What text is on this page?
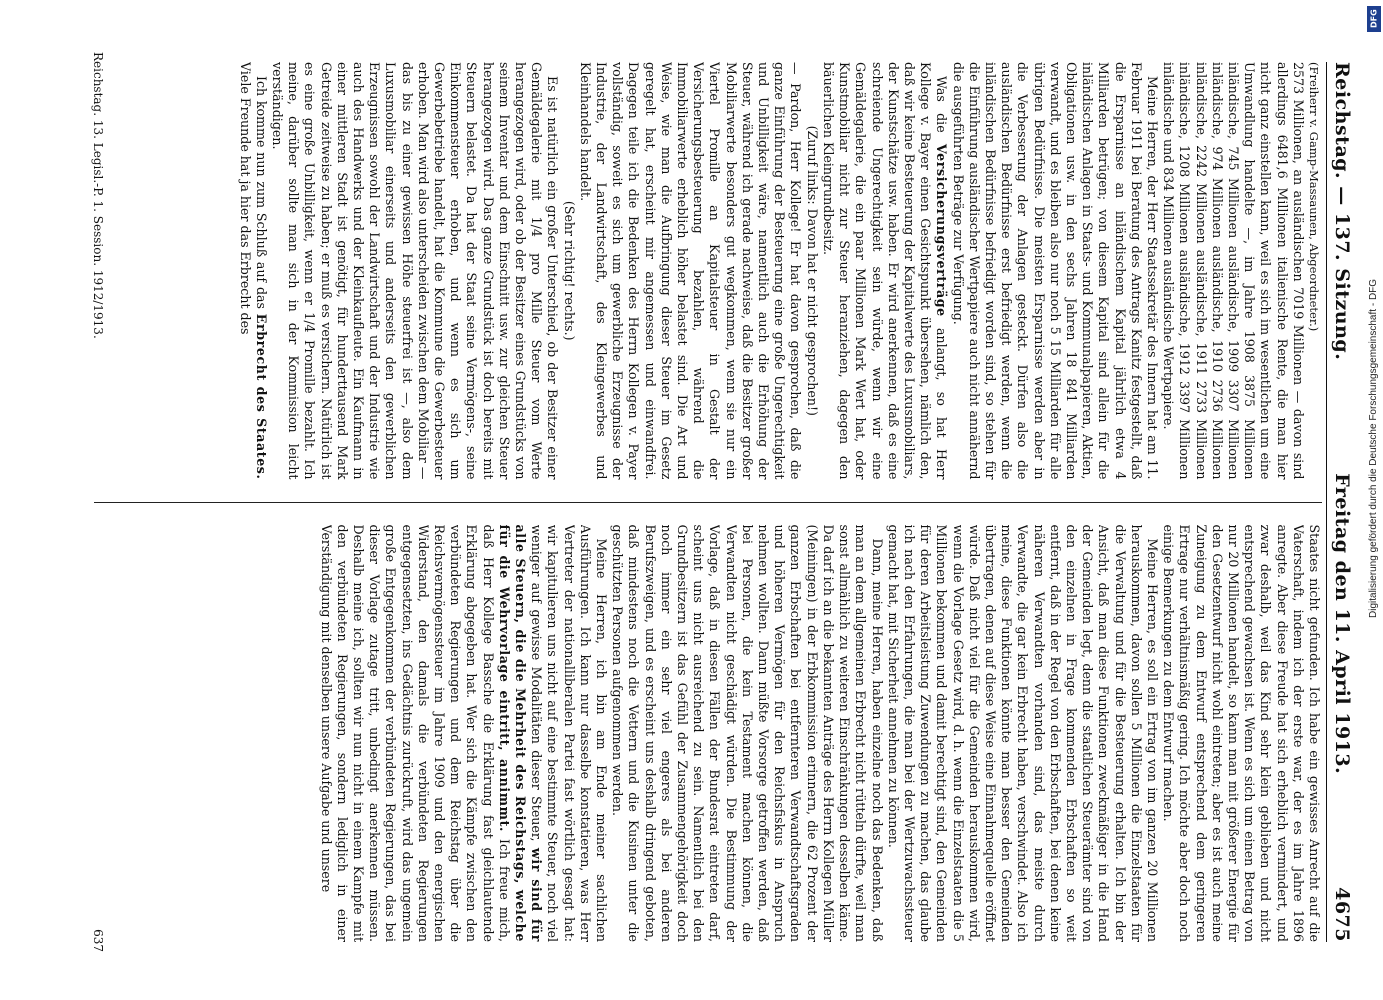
DFG
Digitalisierung gefördert durch die Deutsche Forschungsgemeinschaft - DFG
Reichstag. — 137. Sitzung.
Freitag den 11. April 1913.
4675

(Freiherr v. Gamp-Massaunen, Abgeordneter.)

2573 Millionen, an ausländischen 7019 Millionen — davon sind allerdings 6481,6 Millionen italienische Rente, die man hier nicht ganz einstellen kann, weil es sich im wesentlichen um eine Umwandlung handelte —, im Jahre 1908 3875 Millionen inländische, 745 Millionen ausländische, 1909 3307 Millionen inländische, 974 Millionen ausländische, 1910 2736 Millionen inländische, 2242 Millionen ausländische, 1911 2733 Millionen inländische, 1208 Millionen ausländische, 1912 3397 Millionen inländische und 834 Millionen ausländische Wertpapiere.

Meine Herren, der Herr Staatssekretär des Innern hat am 11. Februar 1911 bei Beratung des Antrags Kanitz festgestellt, daß die Ersparnisse an inländischem Kapital jährlich etwa 4 Milliarden betrügen; von diesem Kapital sind allein für die inländischen Anlagen in Staats- und Kommunalpapieren, Aktien, Obligationen usw. in den sechs Jahren 18 841 Milliarden verwandt, und es bleiben also nur noch 5 15 Milliarden für alle übrigen Bedürfnisse. Die meisten Ersparnisse werden aber in die Verbesserung der Anlagen gesteckt. Dürfen also die ausländischen Bedürfnisse erst befriedigt werden, wenn die inländischen Bedürfnisse befriedigt worden sind, so stehen für die Einführung ausländischer Wertpapiere auch nicht annähernd die ausgeführten Beträge zur Verfügung.

Was die Versicherungsverträge anlangt, so hat Herr Kollege v. Bayer einen Gesichtspunkt übersehen, nämlich den, daß wir keine Besteuerung der Kapitalwerte des Luxusmobiliars, der Kunstschätze usw. haben. Er wird anerkennen, daß es eine schreiende Ungerechtigkeit sein würde, wenn wir eine Gemäldegalerie, die ein paar Millionen Mark Wert hat, oder Kunstmobiliar nicht zur Steuer heranziehen, dagegen den bäuerlichen Kleingrundbesitz.

(Zuruf links: Davon hat er nicht gesprochen!)

— Pardon, Herr Kollege! Er hat davon gesprochen, daß die ganze Einführung der Besteuerung eine große Ungerechtigkeit und Unbilligkeit wäre, namentlich auch die Erhöhung der Steuer, während ich gerade nachweise, daß die Besitzer großer Mobiliarwerte besonders gut wegkommen, wenn sie nur ein Viertel Promille an Kapitalsteuer in Gestalt der Versicherungsbesteuerung bezahlen, während die Immobiliarwerte erheblich höher belastet sind. Die Art und Weise, wie man die Aufbringung dieser Steuer im Gesetz geregelt hat, erscheint mir angemessen und einwandfrei. Dagegen teile ich die Bedenken des Herrn Kollegen v. Payer vollständig, soweit es sich um gewerbliche Erzeugnisse der Industrie, der Landwirtschaft, des Kleingewerbes und Kleinhandels handelt.

(Sehr richtig! rechts.)

Es ist natürlich ein großer Unterschied, ob der Besitzer einer Gemäldegalerie mit 1/4 pro Mille Steuer vom Werte herangezogen wird, oder ob der Besitzer eines Grundstücks von seinem Inventar und dem Einschnitt usw. zur gleichen Steuer herangezogen wird. Das ganze Grundstück ist doch bereits mit Steuern belastet. Da hat der Staat seine Vermögens-, seine Einkommensteuer erhoben, und wenn es sich um Gewerbebetriebe handelt, hat die Kommune die Gewerbesteuer erhoben. Man wird also unterscheiden zwischen dem Mobiliar — das bis zu einer gewissen Höhe steuerfrei ist —, also dem Luxusmobiliar einerseits und anderseits den gewerblichen Erzeugnissen sowohl der Landwirtschaft und der Industrie wie auch des Handwerks und der Kleinkaufleute. Ein Kaufmann in einer mittleren Stadt ist genötigt, für hunderttausend Mark Getreide zeitweise zu haben; er muß es versichern. Natürlich ist es eine große Unbilligkeit, wenn er 1/4 Promille bezahlt. Ich meine, darüber sollte man sich in der Kommission leicht verständigen.

Ich komme nun zum Schluß auf das Erbrecht des Staates. Viele Freunde hat ja hier das Erbrecht des

Staates nicht gefunden. Ich habe ein gewisses Anrecht auf die Vaterschaft, indem ich der erste war, der es im Jahre 1896 anregte. Aber diese Freude hat sich erheblich vermindert, und zwar deshalb, weil das Kind sehr klein geblieben und nicht entsprechend gewachsen ist. Wenn es sich um einen Betrag von nur 20 Millionen handelt, so kann man mit größerer Energie für den Gesetzentwurf nicht wohl eintreten; aber es ist auch meine Zuneigung zu dem Entwurf entsprechend dem geringeren Ertrage nur verhältnismäßig gering. Ich möchte aber doch noch einige Bemerkungen zu dem Entwurf machen.

Meine Herren, es soll ein Ertrag von im ganzen 20 Millionen herauskommen, davon sollen 5 Millionen die Einzelstaaten für die Verwaltung und für die Besteuerung erhalten. Ich bin der Ansicht, daß man diese Funktionen zweckmäßiger in die Hand der Gemeinden legt, denn die staatlichen Steuerämter sind von den einzelnen in Frage kommenden Erbschaften so weit entfernt, daß in der Regel von den Erbschaften, bei denen keine näheren Verwandten vorhanden sind, das meiste durch Verwandte, die gar kein Erbrecht haben, verschwindet. Also ich meine, diese Funktionen könnte man besser den Gemeinden übertragen, denen auf diese Weise eine Einnahmequelle eröffnet würde. Daß nicht viel für die Gemeinden herauskommen wird, wenn die Vorlage Gesetz wird, d. h. wenn die Einzelstaaten die 5 Millionen bekommen und damit berechtigt sind, den Gemeinden für deren Arbeitsleistung Zuwendungen zu machen, das glaube ich nach den Erfahrungen, die man bei der Wertzuwachssteuer gemacht hat, mit Sicherheit annehmen zu können.

Dann, meine Herren, haben einzelne noch das Bedenken, daß man an dem allgemeinen Erbrecht nicht rütteln dürfte, weil man sonst allmählich zu weiteren Einschränkungen desselben käme. Da darf ich an die bekannten Anträge des Herrn Kollegen Müller (Meiningen) in der Erbkommission erinnern, die 62 Prozent der ganzen Erbschaften bei entfernteren Verwandtschaftsgraden und höheren Vermögen für den Reichsfiskus in Anspruch nehmen wollten. Dann müßte Vorsorge getroffen werden, daß bei Personen, die kein Testament machen können, die Verwandten nicht geschädigt würden. Die Bestimmung der Vorlage, daß in diesen Fällen der Bundesrat eintreten darf, scheint uns nicht ausreichend zu sein. Namentlich bei den Grundbesitzern ist das Gefühl der Zusammengehörigkeit doch noch immer ein sehr viel engeres als bei anderen Berufszweigen, und es erscheint uns deshalb dringend geboten, daß mindestens noch die Vettern und die Kusinen unter die geschützten Personen aufgenommen werden.

Meine Herren, ich bin am Ende meiner sachlichen Ausführungen. Ich kann nur dasselbe konstatieren, was Herr Vertreter der nationalliberalen Partei fast wörtlich gesagt hat: wir kapitulieren uns nicht auf eine bestimmte Steuer, noch viel weniger auf gewisse Modalitäten dieser Steuer, wir sind für alle Steuern, die die Mehrheit des Reichstags, welche für die Wehrvorlage eintritt, annimmt. Ich freue mich, daß Herr Kollege Bassche die Erklärung fast gleichlautende Erklärung abgegeben hat. Wer sich die Kämpfe zwischen den verbündeten Regierungen und dem Reichstag über die Reichsvermögenssteuer im Jahre 1909 und den energischen Widerstand, den damals die verbündeten Regierungen entgegensetzten, ins Gedächtnis zurückruft, wird das ungemein große Entgegenkommen der verbündeten Regierungen, das bei dieser Vorlage zutage tritt, unbedingt anerkennen müssen. Deshalb meine ich, sollten wir nun nicht in einem Kampfe mit den verbündeten Regierungen, sondern lediglich in einer Verständigung mit denselben unsere Aufgabe und unsere

Reichstag. 13. Legisl.-P. 1. Session. 1912/1913.
637
